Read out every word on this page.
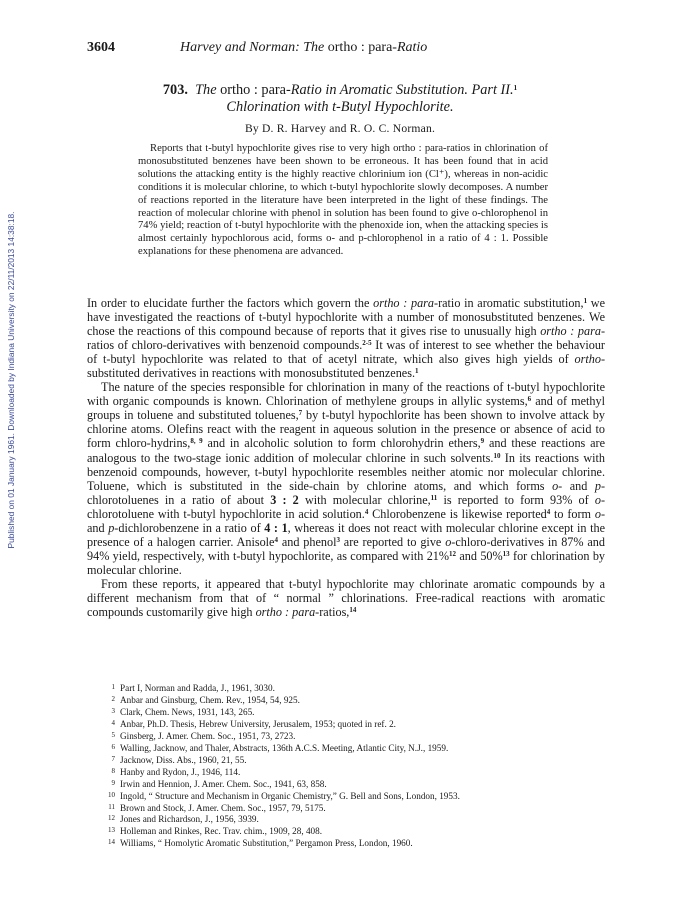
Published on 01 January 1961. Downloaded by Indiana University on 22/11/2013 14:38:18.
3604	Harvey and Norman: The ortho : para-Ratio
703. The ortho : para-Ratio in Aromatic Substitution. Part II.$^1$
Chlorination with t-Butyl Hypochlorite.
By D. R. Harvey and R. O. C. Norman.

Reports that t-butyl hypochlorite gives rise to very high ortho : para-ratios in chlorination of monosubstituted benzenes have been shown to be erroneous. It has been found that in acid solutions the attacking entity is the highly reactive chlorinium ion (Cl⁺), whereas in non-acidic conditions it is molecular chlorine, to which t-butyl hypochlorite slowly decomposes. A number of reactions reported in the literature have been interpreted in the light of these findings. The reaction of molecular chlorine with phenol in solution has been found to give o-chlorophenol in 74% yield; reaction of t-butyl hypochlorite with the phenoxide ion, when the attacking species is almost certainly hypochlorous acid, forms o- and p-chlorophenol in a ratio of 4 : 1. Possible explanations for these phenomena are advanced.

In order to elucidate further the factors which govern the ortho : para-ratio in aromatic substitution,$^1$ we have investigated the reactions of t-butyl hypochlorite with a number of monosubstituted benzenes. We chose the reactions of this compound because of reports that it gives rise to unusually high ortho : para-ratios of chloro-derivatives with benzenoid compounds.$^{2-5}$ It was of interest to see whether the behaviour of t-butyl hypochlorite was related to that of acetyl nitrate, which also gives high yields of ortho-substituted derivatives in reactions with monosubstituted benzenes.$^1$

The nature of the species responsible for chlorination in many of the reactions of t-butyl hypochlorite with organic compounds is known. Chlorination of methylene groups in allylic systems,$^6$ and of methyl groups in toluene and substituted toluenes,$^7$ by t-butyl hypochlorite has been shown to involve attack by chlorine atoms. Olefins react with the reagent in aqueous solution in the presence or absence of acid to form chloro-hydrins,$^{8, 9}$ and in alcoholic solution to form chlorohydrin ethers,$^9$ and these reactions are analogous to the two-stage ionic addition of molecular chlorine in such solvents.$^{10}$ In its reactions with benzenoid compounds, however, t-butyl hypochlorite resembles neither atomic nor molecular chlorine. Toluene, which is substituted in the side-chain by chlorine atoms, and which forms o- and p-chlorotoluenes in a ratio of about 3 : 2 with molecular chlorine,$^{11}$ is reported to form 93% of o-chlorotoluene with t-butyl hypochlorite in acid solution.$^4$ Chlorobenzene is likewise reported$^4$ to form o- and p-dichlorobenzene in a ratio of 4 : 1, whereas it does not react with molecular chlorine except in the presence of a halogen carrier. Anisole$^4$ and phenol$^3$ are reported to give o-chloro-derivatives in 87% and 94% yield, respectively, with t-butyl hypochlorite, as compared with 21%$^{12}$ and 50%$^{13}$ for chlorination by molecular chlorine.

From these reports, it appeared that t-butyl hypochlorite may chlorinate aromatic compounds by a different mechanism from that of “ normal ” chlorinations. Free-radical reactions with aromatic compounds customarily give high ortho : para-ratios,$^{14}$

1 Part I, Norman and Radda, J., 1961, 3030.
2 Anbar and Ginsburg, Chem. Rev., 1954, 54, 925.
3 Clark, Chem. News, 1931, 143, 265.
4 Anbar, Ph.D. Thesis, Hebrew University, Jerusalem, 1953; quoted in ref. 2.
5 Ginsberg, J. Amer. Chem. Soc., 1951, 73, 2723.
6 Walling, Jacknow, and Thaler, Abstracts, 136th A.C.S. Meeting, Atlantic City, N.J., 1959.
7 Jacknow, Diss. Abs., 1960, 21, 55.
8 Hanby and Rydon, J., 1946, 114.
9 Irwin and Hennion, J. Amer. Chem. Soc., 1941, 63, 858.
10 Ingold, “ Structure and Mechanism in Organic Chemistry,” G. Bell and Sons, London, 1953.
11 Brown and Stock, J. Amer. Chem. Soc., 1957, 79, 5175.
12 Jones and Richardson, J., 1956, 3939.
13 Holleman and Rinkes, Rec. Trav. chim., 1909, 28, 408.
14 Williams, “ Homolytic Aromatic Substitution,” Pergamon Press, London, 1960.
